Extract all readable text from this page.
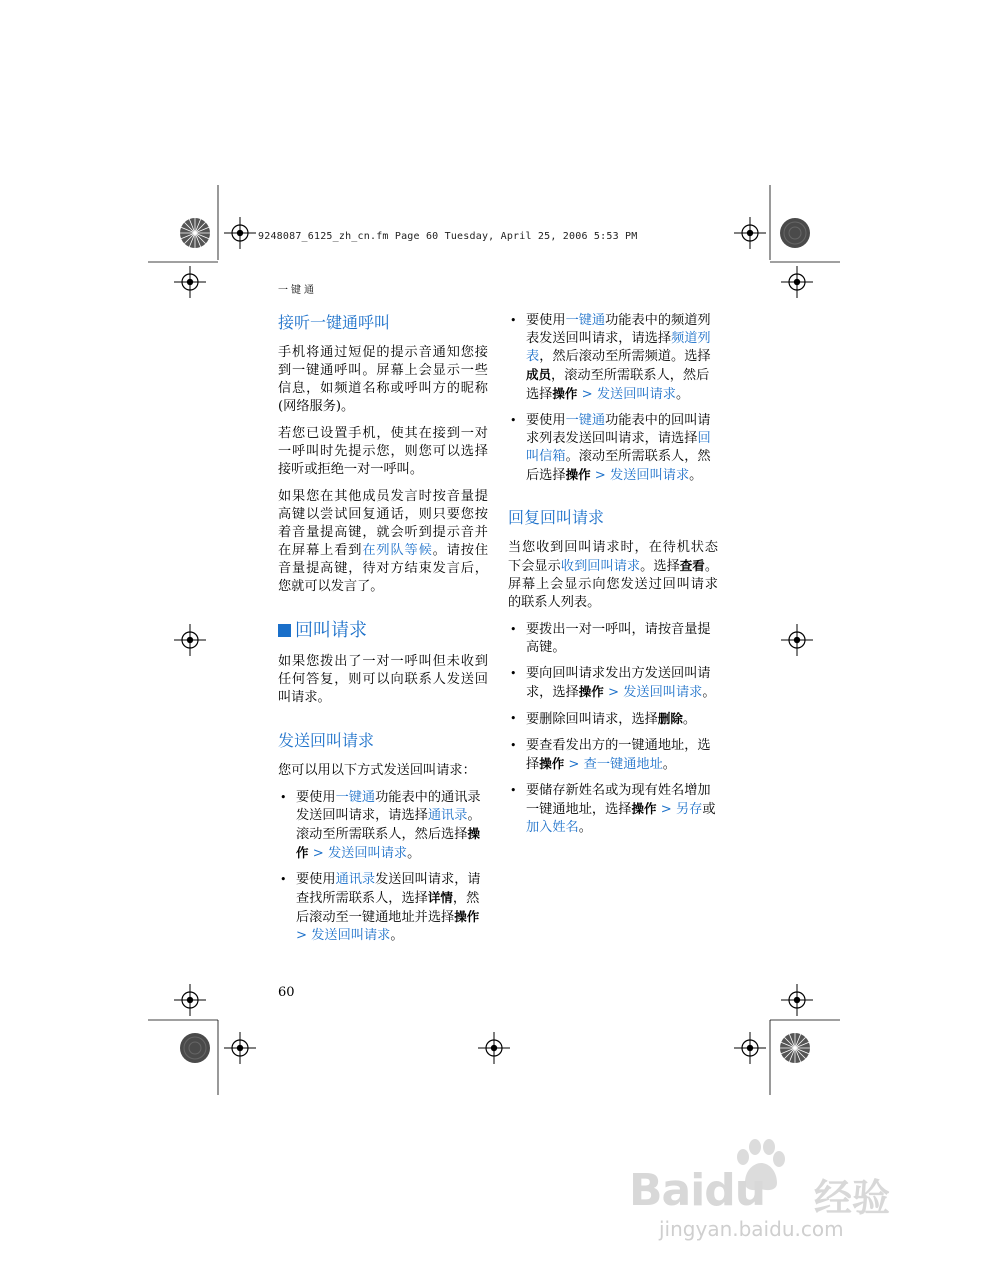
9248087_6125_zh_cn.fm Page 60 Tuesday, April 25, 2006 5:53 PM
一键通
接听一键通呼叫

手机将通过短促的提示音通知您接到一键通呼叫。屏幕上会显示一些信息，如频道名称或呼叫方的昵称 (网络服务)。

若您已设置手机，使其在接到一对一呼叫时先提示您，则您可以选择接听或拒绝一对一呼叫。

如果您在其他成员发言时按音量提高键以尝试回复通话，则只要您按着音量提高键，就会听到提示音并在屏幕上看到在列队等候。请按住音量提高键，待对方结束发言后，您就可以发言了。

回叫请求

如果您拨出了一对一呼叫但未收到任何答复，则可以向联系人发送回叫请求。

发送回叫请求

您可以用以下方式发送回叫请求：

• 要使用一键通功能表中的通讯录发送回叫请求，请选择通讯录。滚动至所需联系人，然后选择操作 > 发送回叫请求。
• 要使用通讯录发送回叫请求，请查找所需联系人，选择详情，然后滚动至一键通地址并选择操作 > 发送回叫请求。
• 要使用一键通功能表中的频道列表发送回叫请求，请选择频道列表，然后滚动至所需频道。选择成员，滚动至所需联系人，然后选择操作 > 发送回叫请求。
• 要使用一键通功能表中的回叫请求列表发送回叫请求，请选择回叫信箱。滚动至所需联系人，然后选择操作 > 发送回叫请求。
回复回叫请求

当您收到回叫请求时，在待机状态下会显示收到回叫请求。选择查看。屏幕上会显示向您发送过回叫请求的联系人列表。

• 要拨出一对一呼叫，请按音量提高键。
• 要向回叫请求发出方发送回叫请求，选择操作 > 发送回叫请求。
• 要删除回叫请求，选择删除。
• 要查看发出方的一键通地址，选择操作 > 查一键通地址。
• 要储存新姓名或为现有姓名增加一键通地址，选择操作 > 另存或加入姓名。
60
Baidu 经验
jingyan.baidu.com
